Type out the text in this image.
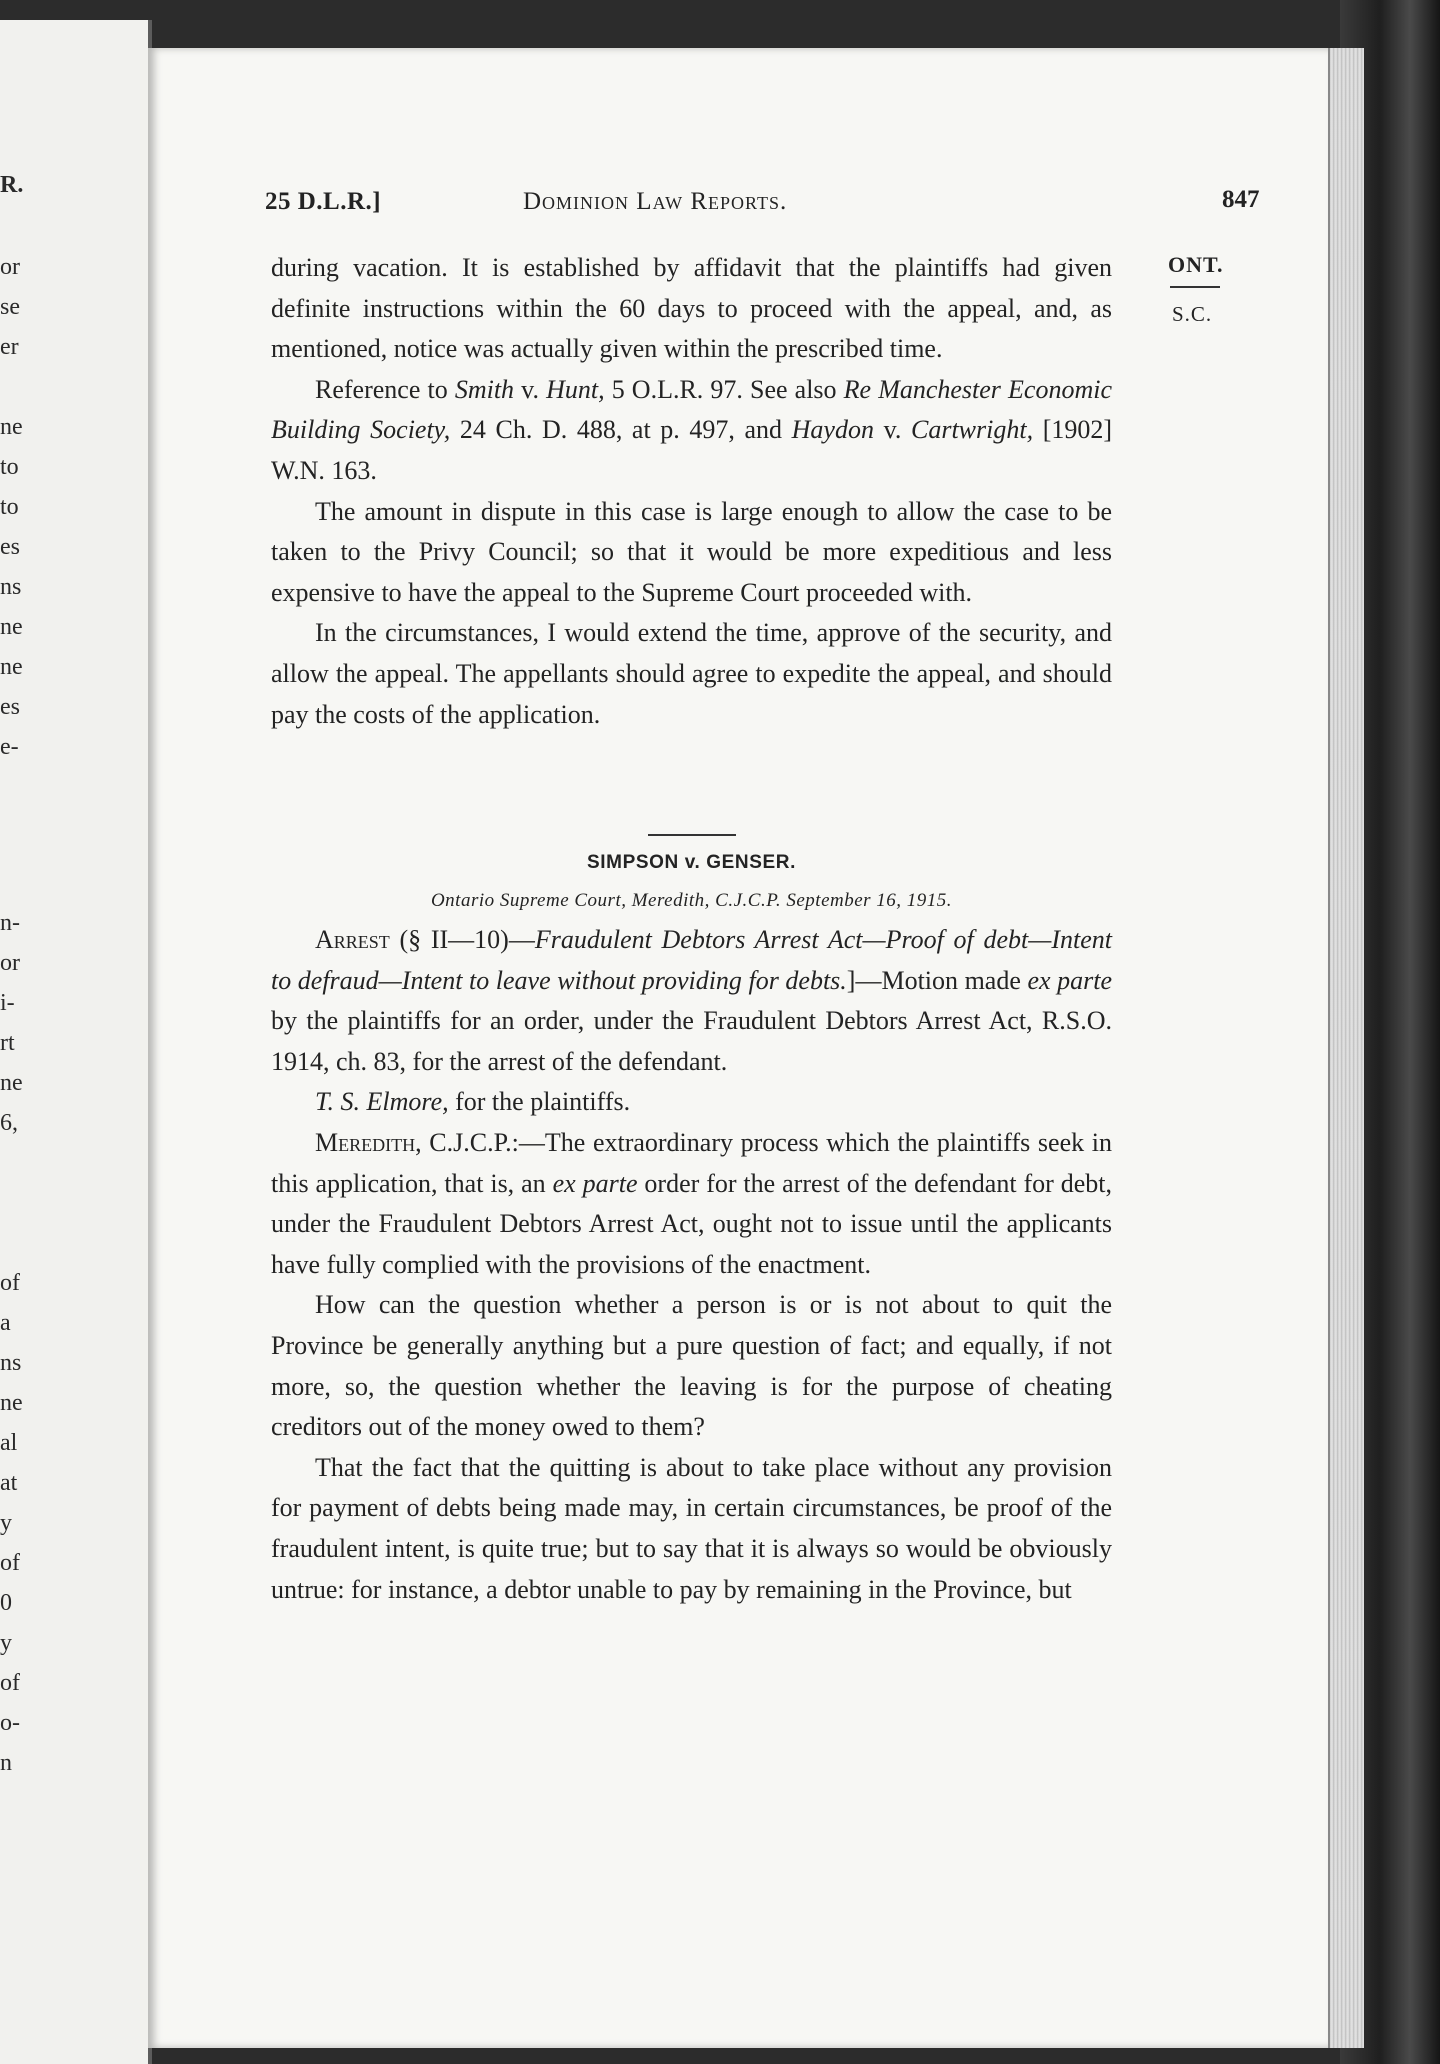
R.
or
se
er
ne
to
to
es
ns
ne
ne
es
e-
n-
or
i-
rt
ne
6,
of
a
ns
ne
al
at
y
of
0
y
of
o-
n
25 D.L.R.]	Dominion Law Reports.	847
ONT.
S.C.

during vacation. It is established by affidavit that the plaintiffs had given definite instructions within the 60 days to proceed with the appeal, and, as mentioned, notice was actually given within the prescribed time.

Reference to Smith v. Hunt, 5 O.L.R. 97. See also Re Manchester Economic Building Society, 24 Ch. D. 488, at p. 497, and Haydon v. Cartwright, [1902] W.N. 163.

The amount in dispute in this case is large enough to allow the case to be taken to the Privy Council; so that it would be more expeditious and less expensive to have the appeal to the Supreme Court proceeded with.

In the circumstances, I would extend the time, approve of the security, and allow the appeal. The appellants should agree to expedite the appeal, and should pay the costs of the application.

SIMPSON v. GENSER.
Ontario Supreme Court, Meredith, C.J.C.P. September 16, 1915.

Arrest (§ II—10)—Fraudulent Debtors Arrest Act—Proof of debt—Intent to defraud—Intent to leave without providing for debts.]—Motion made ex parte by the plaintiffs for an order, under the Fraudulent Debtors Arrest Act, R.S.O. 1914, ch. 83, for the arrest of the defendant.

T. S. Elmore, for the plaintiffs.

Meredith, C.J.C.P.:—The extraordinary process which the plaintiffs seek in this application, that is, an ex parte order for the arrest of the defendant for debt, under the Fraudulent Debtors Arrest Act, ought not to issue until the applicants have fully complied with the provisions of the enactment.

How can the question whether a person is or is not about to quit the Province be generally anything but a pure question of fact; and equally, if not more, so, the question whether the leaving is for the purpose of cheating creditors out of the money owed to them?

That the fact that the quitting is about to take place without any provision for payment of debts being made may, in certain circumstances, be proof of the fraudulent intent, is quite true; but to say that it is always so would be obviously untrue: for instance, a debtor unable to pay by remaining in the Province, but
